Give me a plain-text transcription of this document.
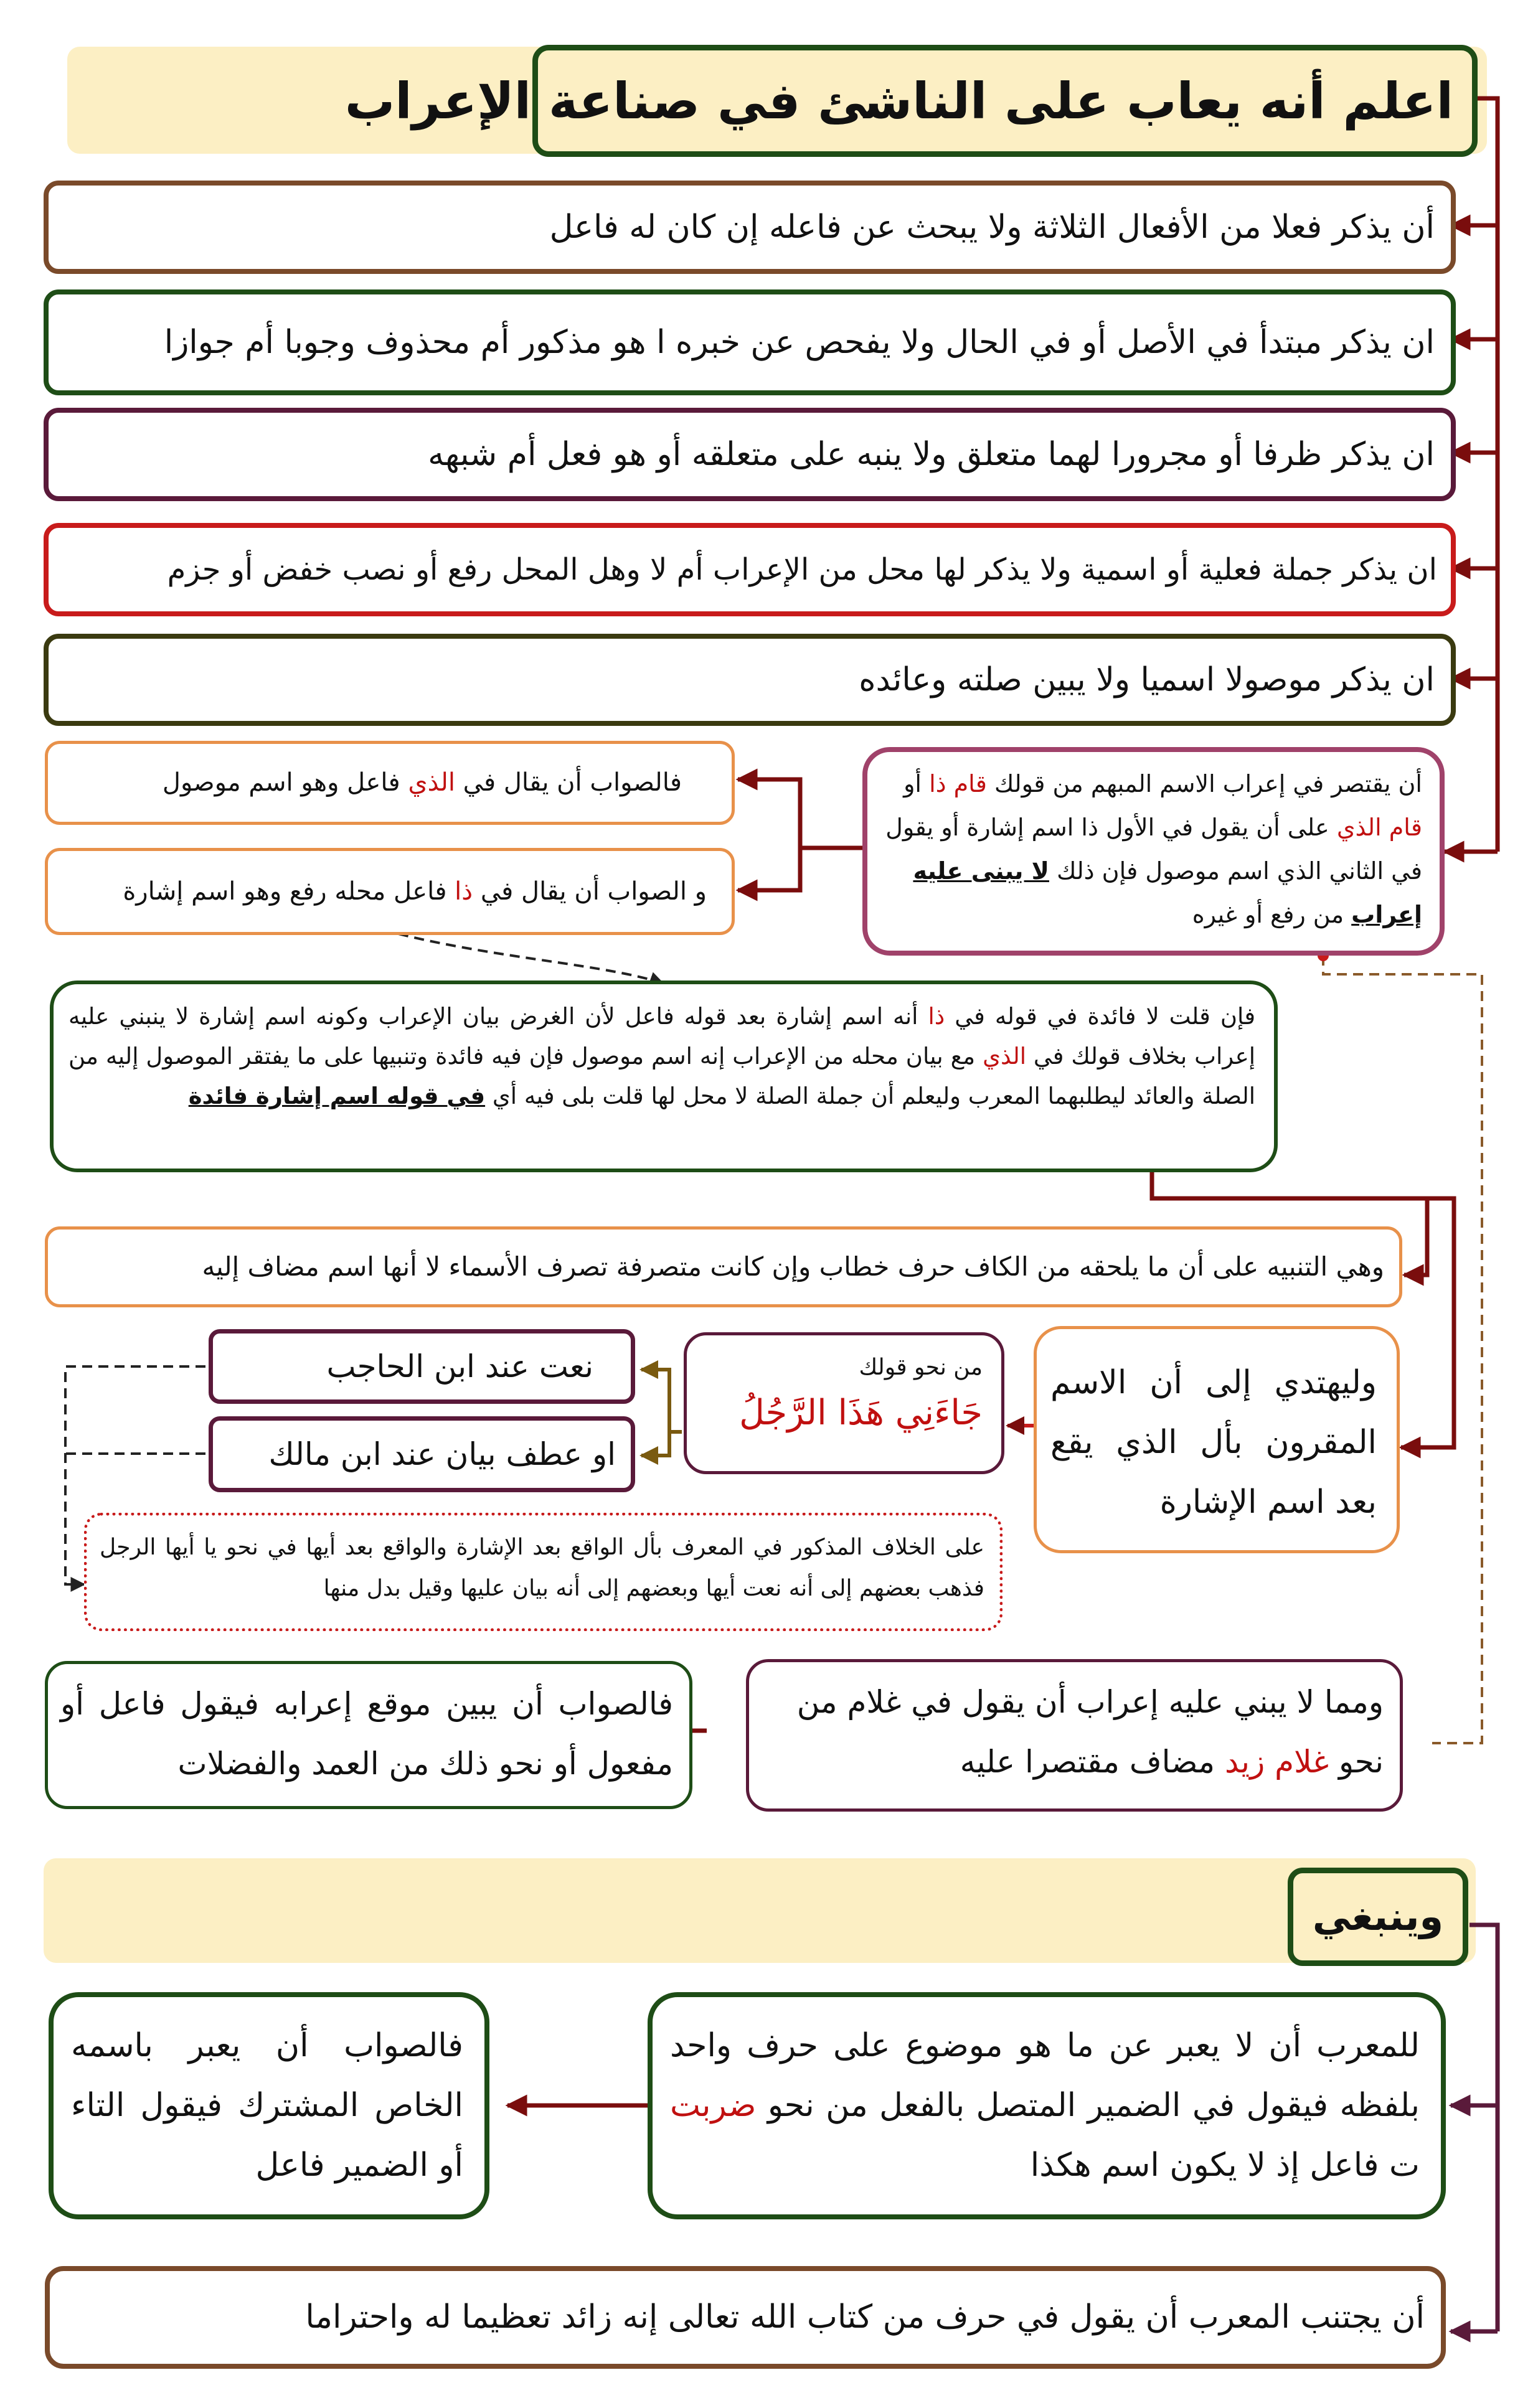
اعلم أنه يعاب على الناشئ في صناعة الإعراب
أن يذكر فعلا من الأفعال الثلاثة ولا يبحث عن فاعله إن كان له فاعل
ان يذكر مبتدأ في الأصل أو في الحال ولا يفحص عن خبره ا هو مذكور أم محذوف وجوبا أم جوازا
ان يذكر ظرفا أو مجرورا لهما متعلق ولا ينبه على متعلقه أو هو فعل أم شبهه
ان يذكر جملة فعلية أو اسمية ولا يذكر لها محل من الإعراب أم لا وهل المحل رفع أو نصب خفض أو جزم
ان يذكر موصولا اسميا ولا يبين صلته وعائده
أن يقتصر في إعراب الاسم المبهم من قولك قام ذا أو قام الذي على أن يقول في الأول ذا اسم إشارة أو يقول في الثاني الذي اسم موصول فإن ذلك لا يبنى عليه إعراب من رفع أو غيره
فالصواب أن يقال في الذي فاعل وهو اسم موصول
و الصواب أن يقال في ذا فاعل محله رفع وهو اسم إشارة
فإن قلت لا فائدة في قوله في ذا أنه اسم إشارة بعد قوله فاعل لأن الغرض بيان الإعراب وكونه اسم إشارة لا ينبني عليه إعراب بخلاف قولك في الذي مع بيان محله من الإعراب إنه اسم موصول فإن فيه فائدة وتنبيها على ما يفتقر الموصول إليه من الصلة والعائد ليطلبهما المعرب وليعلم أن جملة الصلة لا محل لها قلت بلى فيه أي في قوله اسم إشارة فائدة
وهي التنبيه على أن ما يلحقه من الكاف حرف خطاب وإن كانت متصرفة تصرف الأسماء لا أنها اسم مضاف إليه
وليهتدي إلى أن الاسم المقرون بأل الذي يقع بعد اسم الإشارة
من نحو قولك
جَاءَنِي هَذَا الرَّجُلُ
نعت عند ابن الحاجب
او عطف بيان عند ابن مالك
على الخلاف المذكور في المعرف بأل الواقع بعد الإشارة والواقع بعد أيها في نحو يا أيها الرجل فذهب بعضهم إلى أنه نعت أيها وبعضهم إلى أنه بيان عليها وقيل بدل منها
ومما لا يبني عليه إعراب أن يقول في غلام من نحو غلام زيد مضاف مقتصرا عليه
فالصواب أن يبين موقع إعرابه فيقول فاعل أو مفعول أو نحو ذلك من العمد والفضلات
وينبغي
للمعرب أن لا يعبر عن ما هو موضوع على حرف واحد بلفظه فيقول في الضمير المتصل بالفعل من نحو ضربت ت فاعل إذ لا يكون اسم هكذا
فالصواب أن يعبر باسمه الخاص المشترك فيقول التاء أو الضمير فاعل
أن يجتنب المعرب أن يقول في حرف من كتاب الله تعالى إنه زائد تعظيما له واحتراما
